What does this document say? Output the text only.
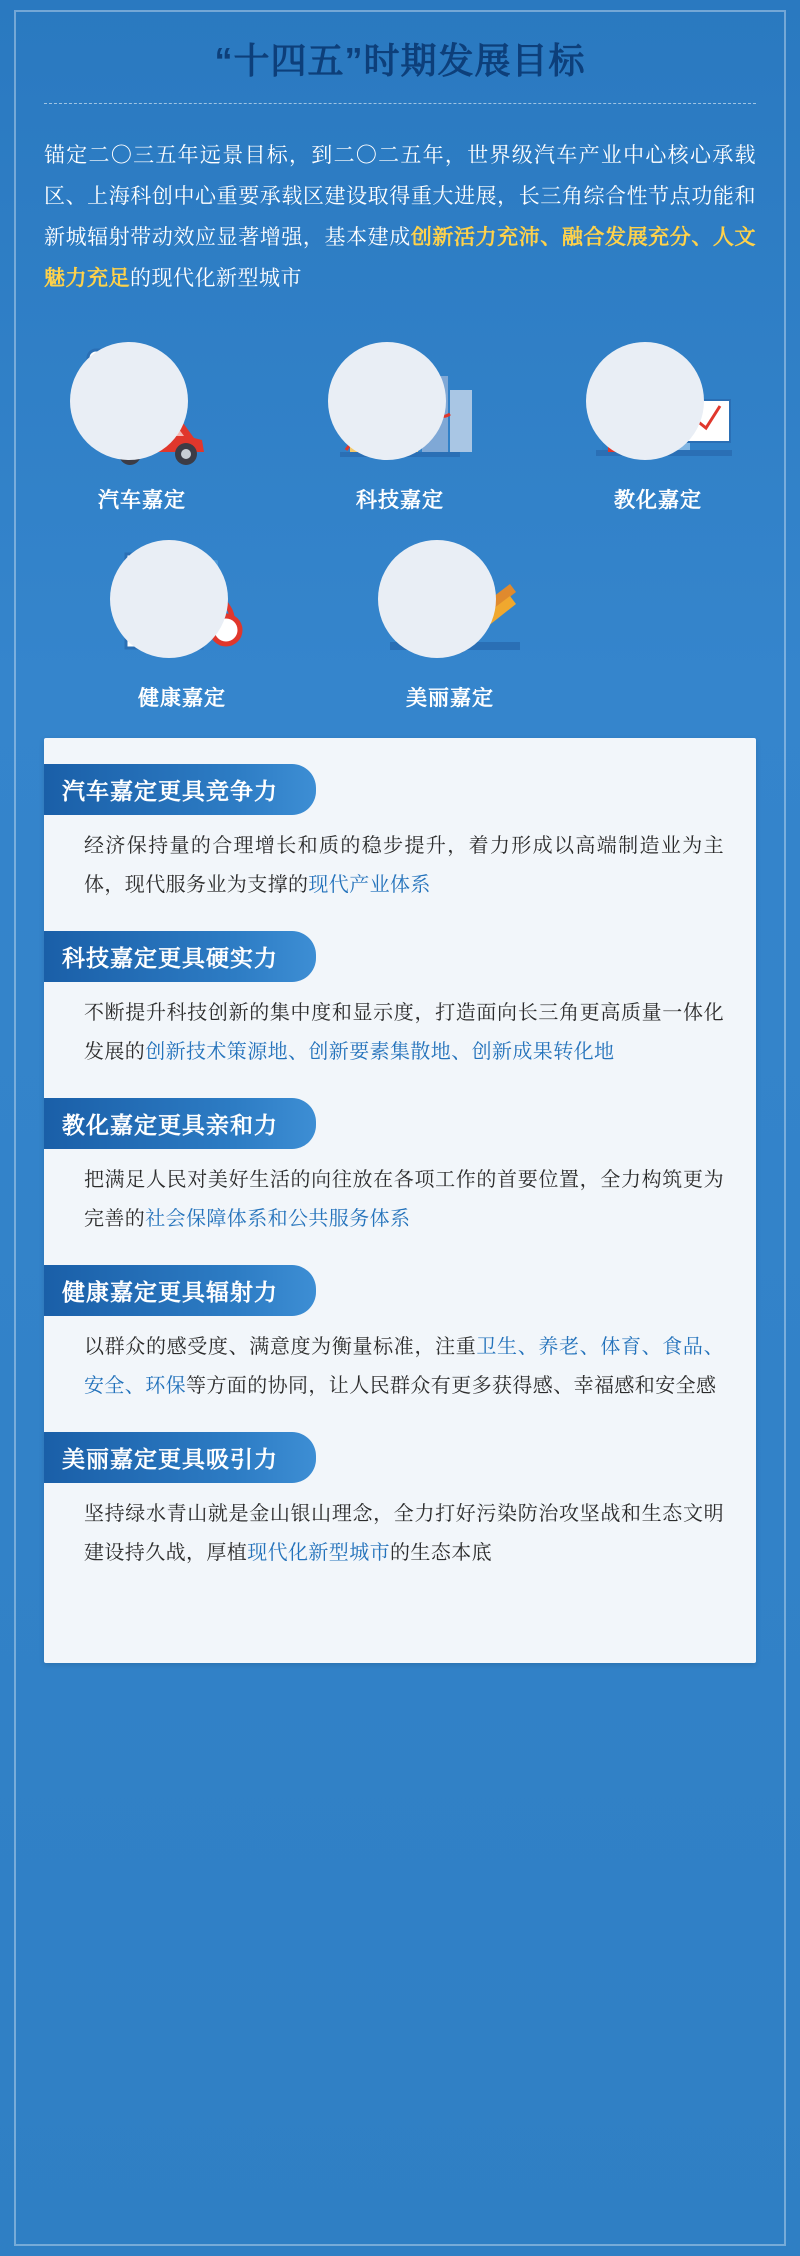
“十四五”时期发展目标
锚定二〇三五年远景目标，到二〇二五年，世界级汽车产业中心核心承载区、上海科创中心重要承载区建设取得重大进展，长三角综合性节点功能和新城辐射带动效应显著增强，基本建成创新活力充沛、融合发展充分、人文魅力充足的现代化新型城市
汽车嘉定	科技嘉定	教化嘉定
健康嘉定	美丽嘉定
汽车嘉定更具竞争力
经济保持量的合理增长和质的稳步提升，着力形成以高端制造业为主体，现代服务业为支撑的现代产业体系
科技嘉定更具硬实力
不断提升科技创新的集中度和显示度，打造面向长三角更高质量一体化发展的创新技术策源地、创新要素集散地、创新成果转化地
教化嘉定更具亲和力
把满足人民对美好生活的向往放在各项工作的首要位置，全力构筑更为完善的社会保障体系和公共服务体系
健康嘉定更具辐射力
以群众的感受度、满意度为衡量标准，注重卫生、养老、体育、食品、安全、环保等方面的协同，让人民群众有更多获得感、幸福感和安全感
美丽嘉定更具吸引力
坚持绿水青山就是金山银山理念，全力打好污染防治攻坚战和生态文明建设持久战，厚植现代化新型城市的生态本底
